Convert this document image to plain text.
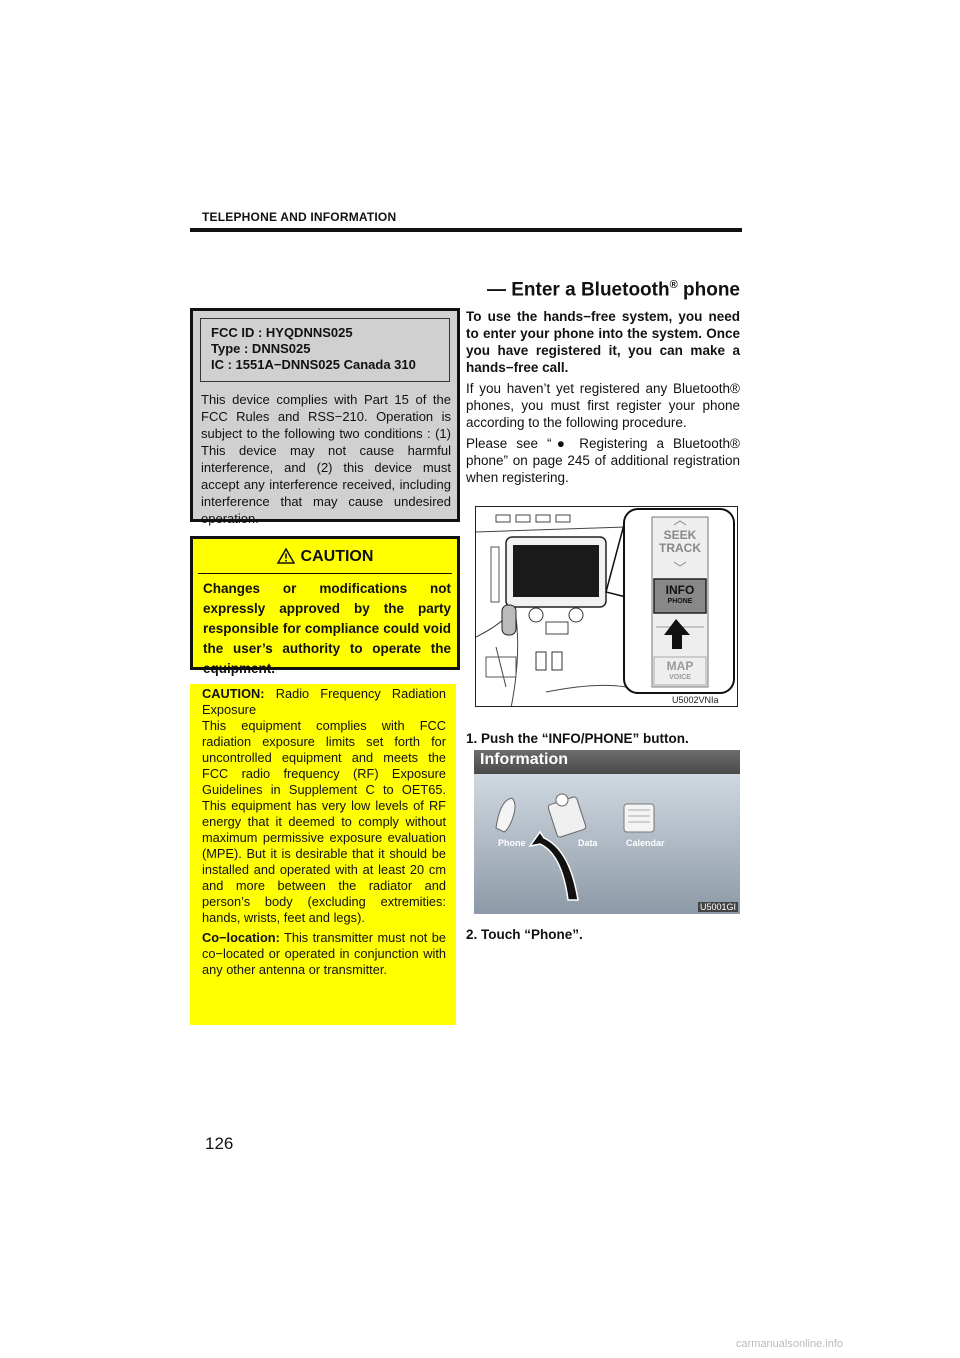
TELEPHONE AND INFORMATION
— Enter a Bluetooth® phone
FCC ID : HYQDNNS025
Type : DNNS025
IC : 1551A−DNNS025 Canada 310
This device complies with Part 15 of the FCC Rules and RSS−210. Operation is subject to the following two conditions : (1) This device may not cause harmful interference, and (2) this device must accept any interference received, including interference that may cause undesired operation.
CAUTION
Changes or modifications not expressly approved by the party responsible for compliance could void the user’s authority to operate the equipment.

CAUTION: Radio Frequency Radiation Exposure
This equipment complies with FCC radiation exposure limits set forth for uncontrolled equipment and meets the FCC radio frequency (RF) Exposure Guidelines in Supplement C to OET65. This equipment has very low levels of RF energy that it deemed to comply without maximum permissive exposure evaluation (MPE). But it is desirable that it should be installed and operated with at least 20 cm and more between the radiator and person’s body (excluding extremities: hands, wrists, feet and legs).

Co−location: This transmitter must not be co−located or operated in conjunction with any other antenna or transmitter.

To use the hands−free system, you need to enter your phone into the system. Once you have registered it, you can make a hands−free call.

If you haven’t yet registered any Bluetooth® phones, you must first register your phone according to the following procedure.

Please see “● Registering a Bluetooth® phone” on page 245 of additional registration when registering.

SEEK
TRACK
INFO
PHONE
MAP
VOICE
U5002VNIa
1. Push the “INFO/PHONE” button.
Information
Phone	Data	Calendar
U5001GI
2. Touch “Phone”.
126
carmanualsonline.info
